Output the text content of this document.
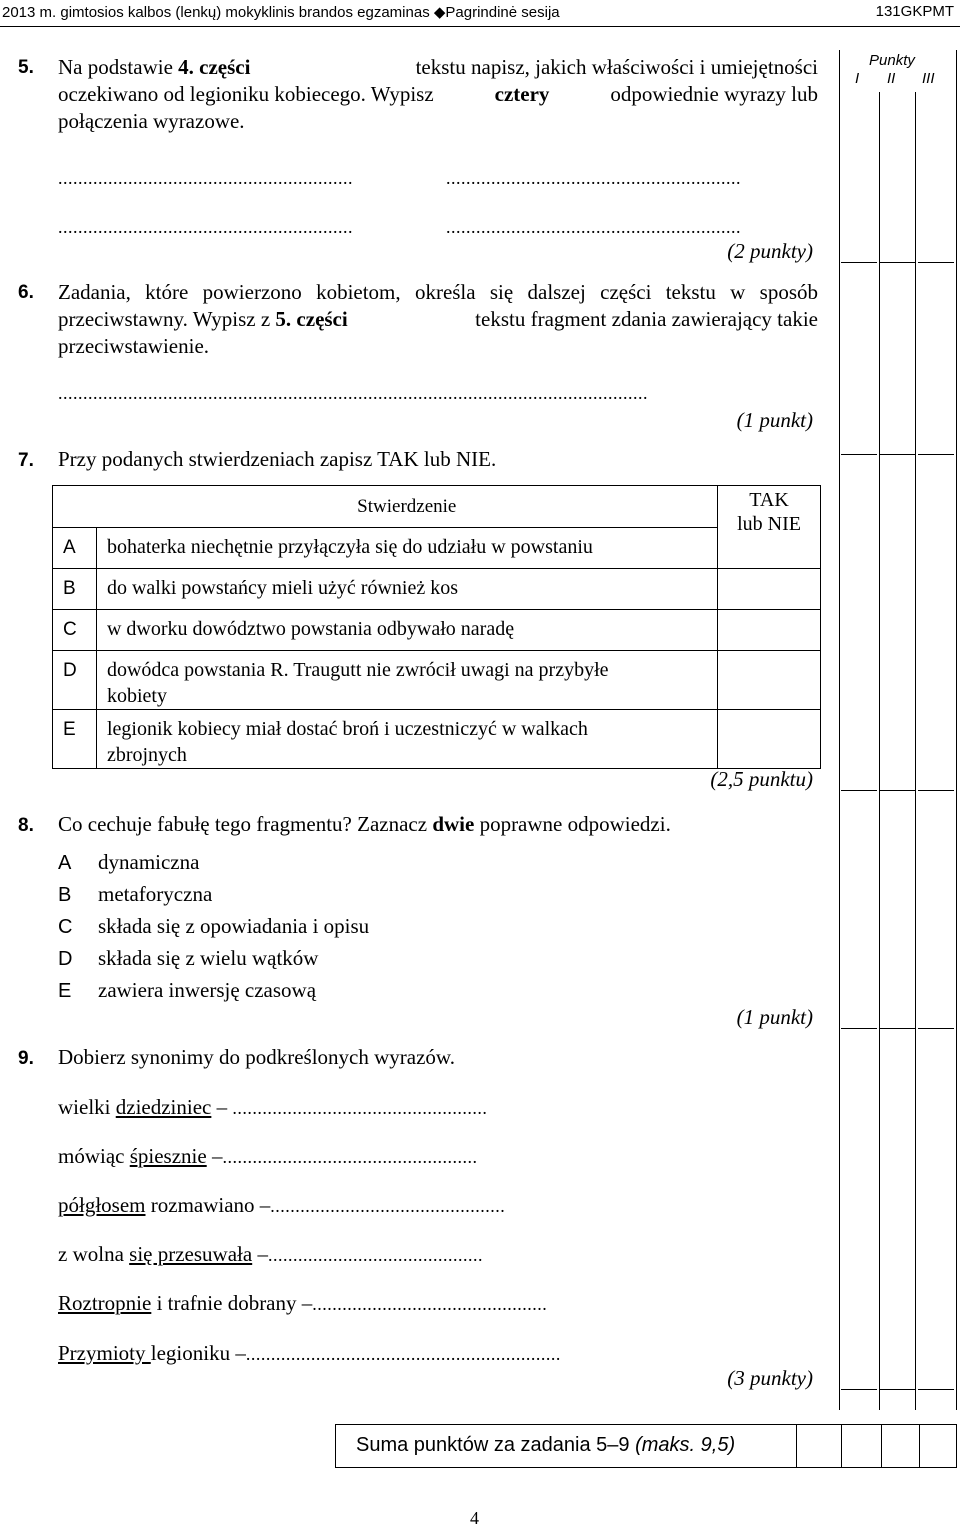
2013 m. gimtosios kalbos (lenkų) mokyklinis brandos egzaminas ◆Pagrindinė sesija	131GKPMT
Punkty
I II III
5. Na podstawie 4. części	tekstu napisz, jakich właściwości i umiejętności
oczekiwano od legioniku kobiecego. Wypisz	cztery	odpowiednie wyrazy lub
połączenia wyrazowe.
...........................................................	...........................................................
...........................................................	...........................................................
(2 punkty)
6. Zadania, które powierzono kobietom, określa się dalszej części tekstu w sposób
przeciwstawny. Wypisz z 5. części	tekstu fragment zdania zawierający takie
przeciwstawienie.
......................................................................................................................
(1 punkt)
7. Przy podanych stwierdzeniach zapisz TAK lub NIE.
	Stwierdzenie	TAK
lub NIE

A	bohaterka niechętnie przyłączyła się do udziału w powstaniu	
B	do walki powstańcy mieli użyć również kos	
C	w dworku dowództwo powstania odbywało naradę	
D	dowódca powstania R. Traugutt nie zwrócił uwagi na przybyłe
kobiety	

E	legionik kobiecy miał dostać broń i uczestniczyć w walkach
zbrojnych	

(2,5 punktu)
8. Co cechuje fabułę tego fragmentu? Zaznacz dwie poprawne odpowiedzi.
A dynamiczna
B metaforyczna
C składa się z opowiadania i opisu
D składa się z wielu wątków
E zawiera inwersję czasową
(1 punkt)
9. Dobierz synonimy do podkreślonych wyrazów.
wielki dziedziniec – ...................................................
mówiąc śpiesznie –...................................................
półgłosem rozmawiano –...............................................
z wolna się przesuwała –...........................................
Roztropnie i trafnie dobrany –...............................................
Przymioty legioniku –...............................................................
(3 punkty)
Suma punktów za zadania 5–9 (maks. 9,5)
4
